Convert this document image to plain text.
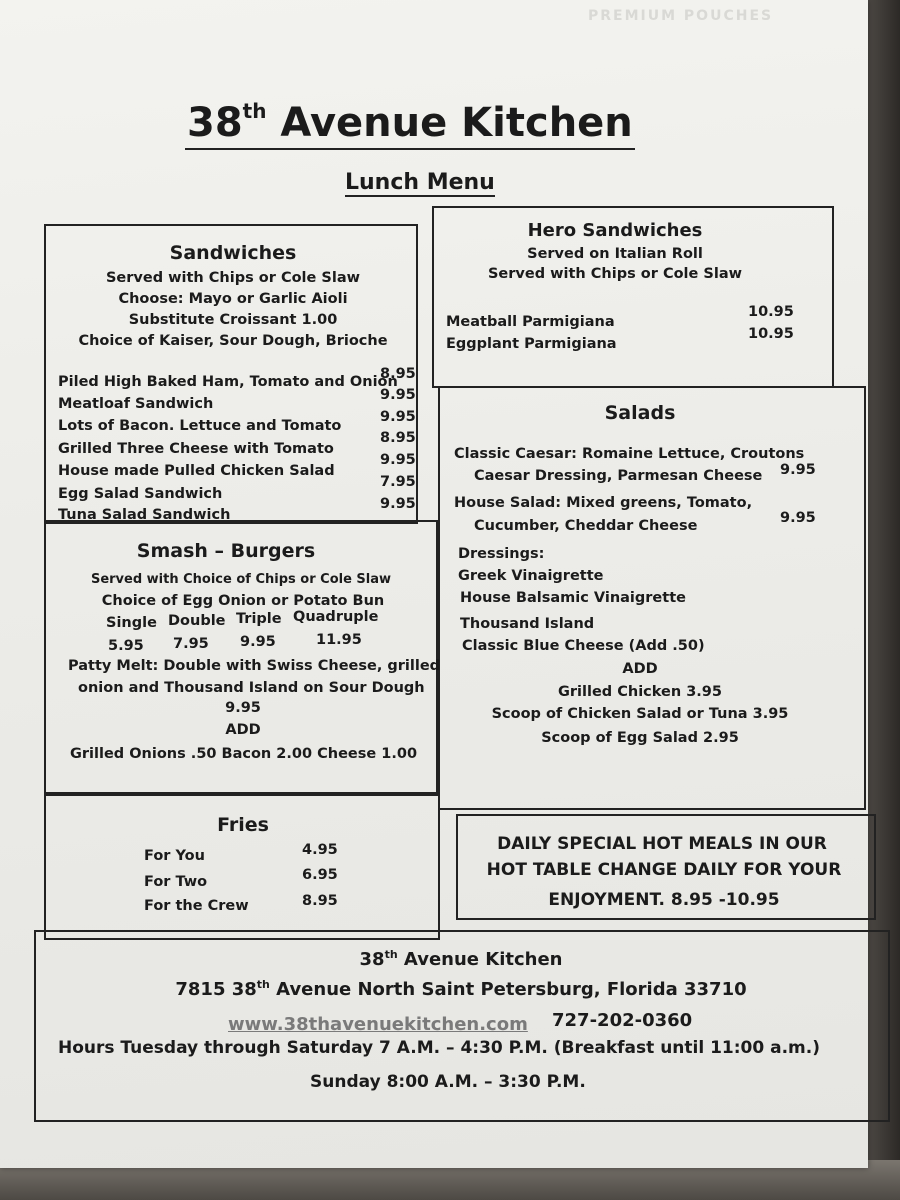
PREMIUM POUCHES
38th Avenue Kitchen
Lunch Menu
Sandwiches
Served with Chips or Cole Slaw
Choose: Mayo or Garlic Aioli
Substitute Croissant 1.00
Choice of Kaiser, Sour Dough, Brioche
Piled High Baked Ham, Tomato and Onion
8.95
Meatloaf Sandwich
9.95
Lots of Bacon. Lettuce and Tomato
9.95
Grilled Three Cheese with Tomato
8.95
House made Pulled Chicken Salad
9.95
Egg Salad Sandwich
7.95
Tuna Salad Sandwich
9.95
Hero Sandwiches
Served on Italian Roll
Served with Chips or Cole Slaw
Meatball Parmigiana
10.95
Eggplant Parmigiana
10.95
Salads
Classic Caesar: Romaine Lettuce, Croutons
Caesar Dressing, Parmesan Cheese 9.95
House Salad: Mixed greens, Tomato,
Cucumber, Cheddar Cheese	9.95
Dressings:
Greek Vinaigrette
House Balsamic Vinaigrette
Thousand Island
Classic Blue Cheese (Add .50)
ADD
Grilled Chicken 3.95
Scoop of Chicken Salad or Tuna 3.95
Scoop of Egg Salad 2.95
Smash – Burgers
Served with Choice of Chips or Cole Slaw
Choice of Egg Onion or Potato Bun
Single Double Triple Quadruple
5.95 7.95 9.95	11.95
Patty Melt: Double with Swiss Cheese, grilled
onion and Thousand Island on Sour Dough
9.95
ADD
Grilled Onions .50 Bacon 2.00 Cheese 1.00
Fries
For You	4.95
For Two	6.95
For the Crew	8.95
DAILY SPECIAL HOT MEALS IN OUR
HOT TABLE CHANGE DAILY FOR YOUR
ENJOYMENT. 8.95 -10.95
38th Avenue Kitchen
7815 38th Avenue North Saint Petersburg, Florida 33710
www.38thavenuekitchen.com 727-202-0360
Hours Tuesday through Saturday 7 A.M. – 4:30 P.M. (Breakfast until 11:00 a.m.)
Sunday 8:00 A.M. – 3:30 P.M.
